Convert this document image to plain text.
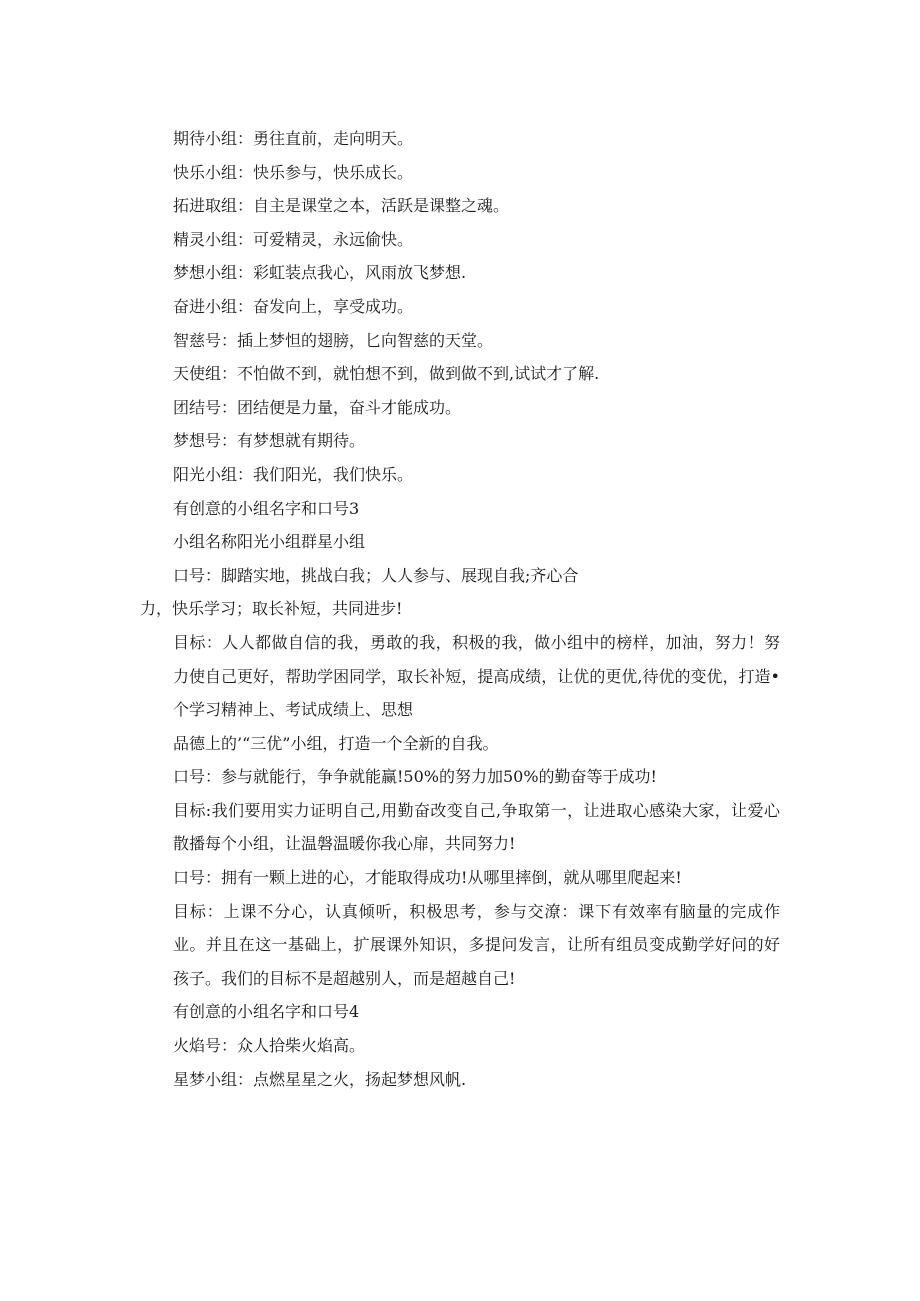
期待小组：勇往直前，走向明天。

快乐小组：快乐参与，快乐成长。

拓进取组：自主是课堂之本，活跃是课整之魂。

精灵小组：可爱精灵，永远偷快。

梦想小组：彩虹装点我心，风雨放飞梦想.

奋进小组：奋发向上，享受成功。

智慈号：插上梦怛的翅膀，匕向智慈的天堂。

天使组：不怕做不到，就怕想不到，做到做不到,试试才了解.

团结号：团结便是力量，奋斗才能成功。

梦想号：有梦想就有期待。

阳光小组：我们阳光，我们快乐。

有创意的小组名字和口号3

小组名称阳光小组群星小组

口号：脚踏实地，挑战白我；人人参与、展现自我;齐心合

力，快乐学习；取长补短，共同进步!

目标：人人都做自信的我，勇敢的我，积极的我，做小组中的榜样，加油，努力！努力使自己更好，帮助学困同学，取长补短，提高成绩，让优的更优,待优的变优，打造•个学习精神上、考试成绩上、思想

品德上的’“三优”小组，打造一个全新的自我。

口号：参与就能行，争争就能赢!50%的努力加50%的勤奋等于成功!

目标:我们要用实力证明自己,用勤奋改变自己,争取第一，让进取心感染大家，让爱心散播每个小组，让温磐温暖你我心扉，共同努力!

口号：拥有一颗上进的心，才能取得成功!从哪里摔倒，就从哪里爬起来!

目标：上课不分心，认真倾听，积极思考，参与交潦：课下有效率有脑量的完成作业。并且在这一基础上，扩展课外知识，多提问发言，让所有组员变成勤学好问的好孩子。我们的目标不是超越别人，而是超越自己!

有创意的小组名字和口号4

火焰号：众人拾柴火焰高。

星梦小组：点燃星星之火，扬起梦想风帆.
